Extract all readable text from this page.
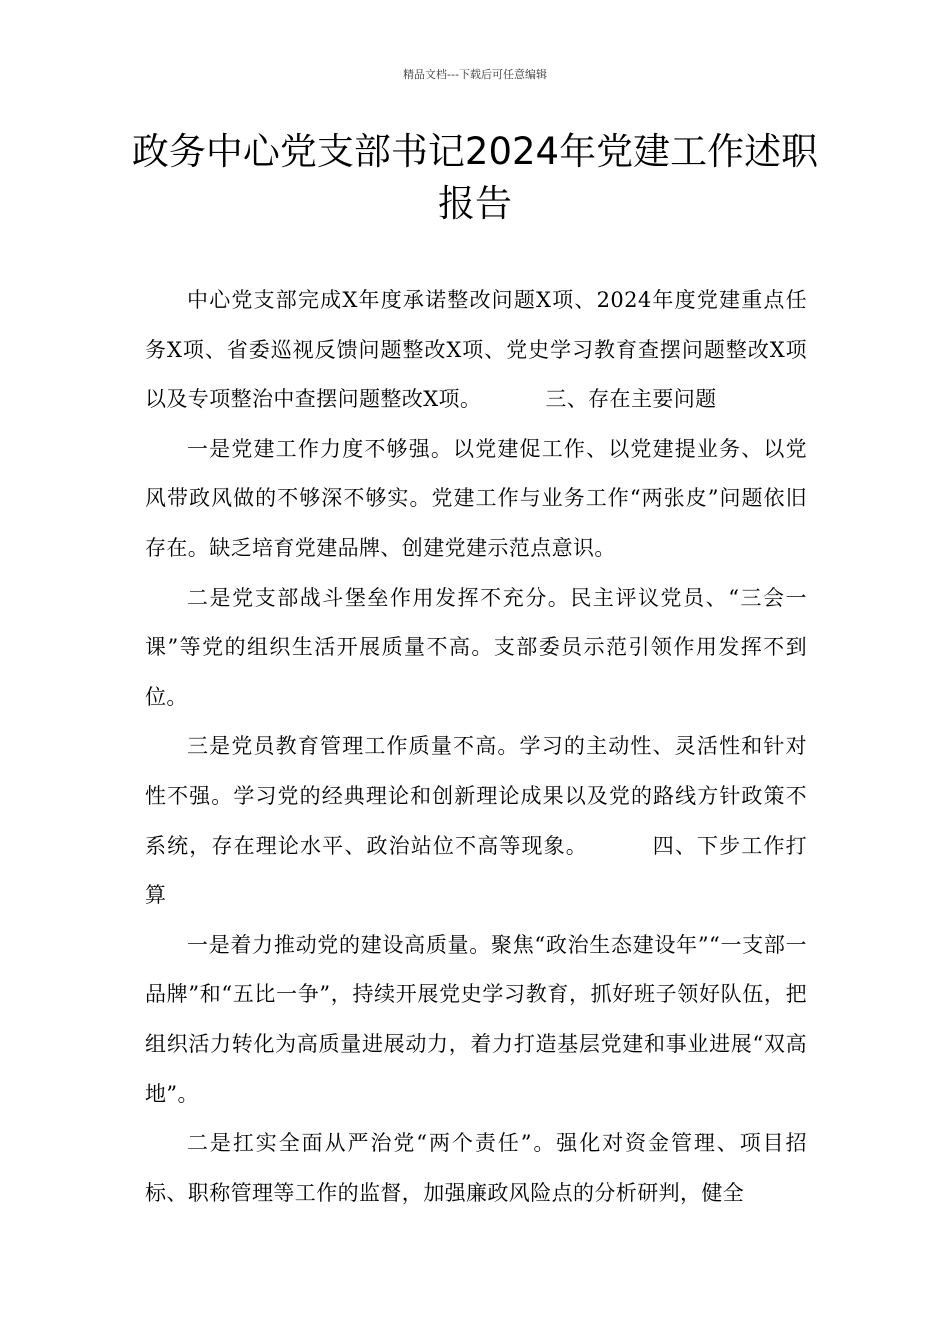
精品文档---下载后可任意编辑
政务中心党支部书记2024年党建工作述职报告

中心党支部完成X年度承诺整改问题X项、2024年度党建重点任务X项、省委巡视反馈问题整改X项、党史学习教育查摆问题整改X项以及专项整治中查摆问题整改X项。	三、存在主要问题

一是党建工作力度不够强。以党建促工作、以党建提业务、以党风带政风做的不够深不够实。党建工作与业务工作“两张皮”问题依旧存在。缺乏培育党建品牌、创建党建示范点意识。

二是党支部战斗堡垒作用发挥不充分。民主评议党员、“三会一课”等党的组织生活开展质量不高。支部委员示范引领作用发挥不到位。

三是党员教育管理工作质量不高。学习的主动性、灵活性和针对性不强。学习党的经典理论和创新理论成果以及党的路线方针政策不系统，存在理论水平、政治站位不高等现象。	四、下步工作打算

一是着力推动党的建设高质量。聚焦“政治生态建设年”“一支部一品牌”和“五比一争”，持续开展党史学习教育，抓好班子领好队伍，把组织活力转化为高质量进展动力，着力打造基层党建和事业进展“双高地”。

二是扛实全面从严治党“两个责任”。强化对资金管理、项目招标、职称管理等工作的监督，加强廉政风险点的分析研判，健全
